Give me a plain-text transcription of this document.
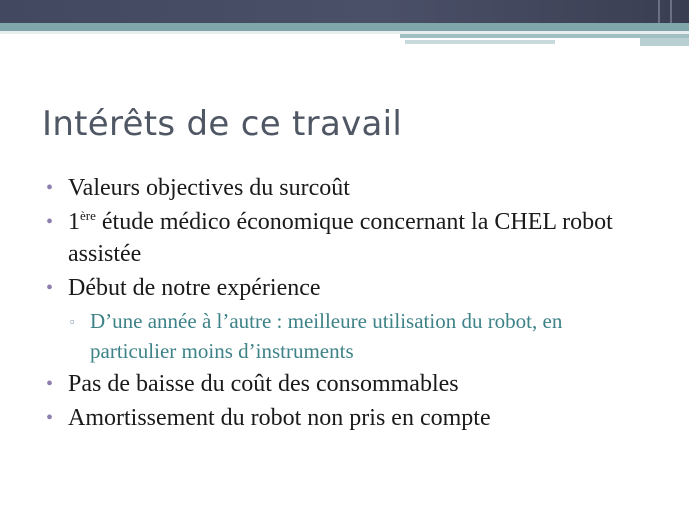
Intérêts de ce travail
• Valeurs objectives du surcoût
• 1ère étude médico économique concernant la CHEL robot assistée
• Début de notre expérience
▫ D’une année à l’autre : meilleure utilisation du robot, en particulier moins d’instruments
• Pas de baisse du coût des consommables
• Amortissement du robot non pris en compte
